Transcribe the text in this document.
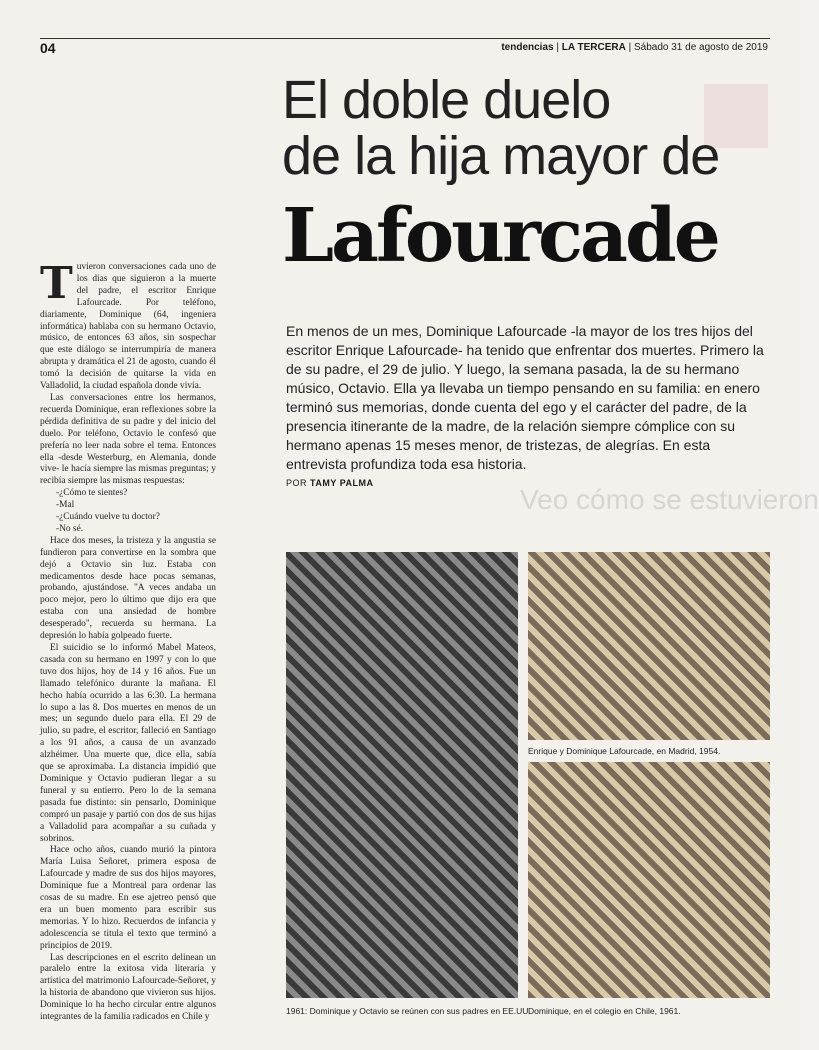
04	tendencias | LA TERCERA | Sábado 31 de agosto de 2019
El doble duelo
de la hija mayor de
Lafourcade
En menos de un mes, Dominique Lafourcade -la mayor de los tres hijos del escritor Enrique Lafourcade- ha tenido que enfrentar dos muertes. Primero la de su padre, el 29 de julio. Y luego, la semana pasada, la de su hermano músico, Octavio. Ella ya llevaba un tiempo pensando en su familia: en enero terminó sus memorias, donde cuenta del ego y el carácter del padre, de la presencia itinerante de la madre, de la relación siempre cómplice con su hermano apenas 15 meses menor, de tristezas, de alegrías. En esta entrevista profundiza toda esa historia.
POR TAMY PALMA
Veo cómo se estuvieron

Tuvieron conversaciones cada uno de los días que siguieron a la muerte del padre, el escritor Enrique Lafourcade. Por teléfono, diariamente, Dominique (64, ingeniera informática) hablaba con su hermano Octavio, músico, de entonces 63 años, sin sospechar que este diálogo se interrumpiría de manera abrupta y dramática el 21 de agosto, cuando él tomó la decisión de quitarse la vida en Valladolid, la ciudad española donde vivía.

Las conversaciones entre los hermanos, recuerda Dominique, eran reflexiones sobre la pérdida definitiva de su padre y del inicio del duelo. Por teléfono, Octavio le confesó que prefería no leer nada sobre el tema. Entonces ella -desde Westerburg, en Alemania, donde vive- le hacía siempre las mismas preguntas; y recibía siempre las mismas respuestas:

-¿Cómo te sientes?

-Mal

-¿Cuándo vuelve tu doctor?

-No sé.

Hace dos meses, la tristeza y la angustia se fundieron para convertirse en la sombra que dejó a Octavio sin luz. Estaba con medicamentos desde hace pocas semanas, probando, ajustándose. "A veces andaba un poco mejor, pero lo último que dijo era que estaba con una ansiedad de hombre desesperado", recuerda su hermana. La depresión lo había golpeado fuerte.

El suicidio se lo informó Mabel Mateos, casada con su hermano en 1997 y con lo que tuvo dos hijos, hoy de 14 y 16 años. Fue un llamado telefónico durante la mañana. El hecho había ocurrido a las 6:30. La hermana lo supo a las 8. Dos muertes en menos de un mes; un segundo duelo para ella. El 29 de julio, su padre, el escritor, falleció en Santiago a los 91 años, a causa de un avanzado alzhéimer. Una muerte que, dice ella, sabía que se aproximaba. La distancia impidió que Dominique y Octavio pudieran llegar a su funeral y su entierro. Pero lo de la semana pasada fue distinto: sin pensarlo, Dominique compró un pasaje y partió con dos de sus hijas a Valladolid para acompañar a su cuñada y sobrinos.

Hace ocho años, cuando murió la pintora María Luisa Señoret, primera esposa de Lafourcade y madre de sus dos hijos mayores, Dominique fue a Montreal para ordenar las cosas de su madre. En ese ajetreo pensó que era un buen momento para escribir sus memorias. Y lo hizo. Recuerdos de infancia y adolescencia se titula el texto que terminó a principios de 2019.

Las descripciones en el escrito delinean un paralelo entre la exitosa vida literaria y artística del matrimonio Lafourcade-Señoret, y la historia de abandono que vivieron sus hijos. Dominique lo ha hecho circular entre algunos integrantes de la familia radicados en Chile y

1961: Dominique y Octavio se reúnen con sus padres en EE.UU.
Enrique y Dominique Lafourcade, en Madrid, 1954.
Dominique, en el colegio en Chile, 1961.
